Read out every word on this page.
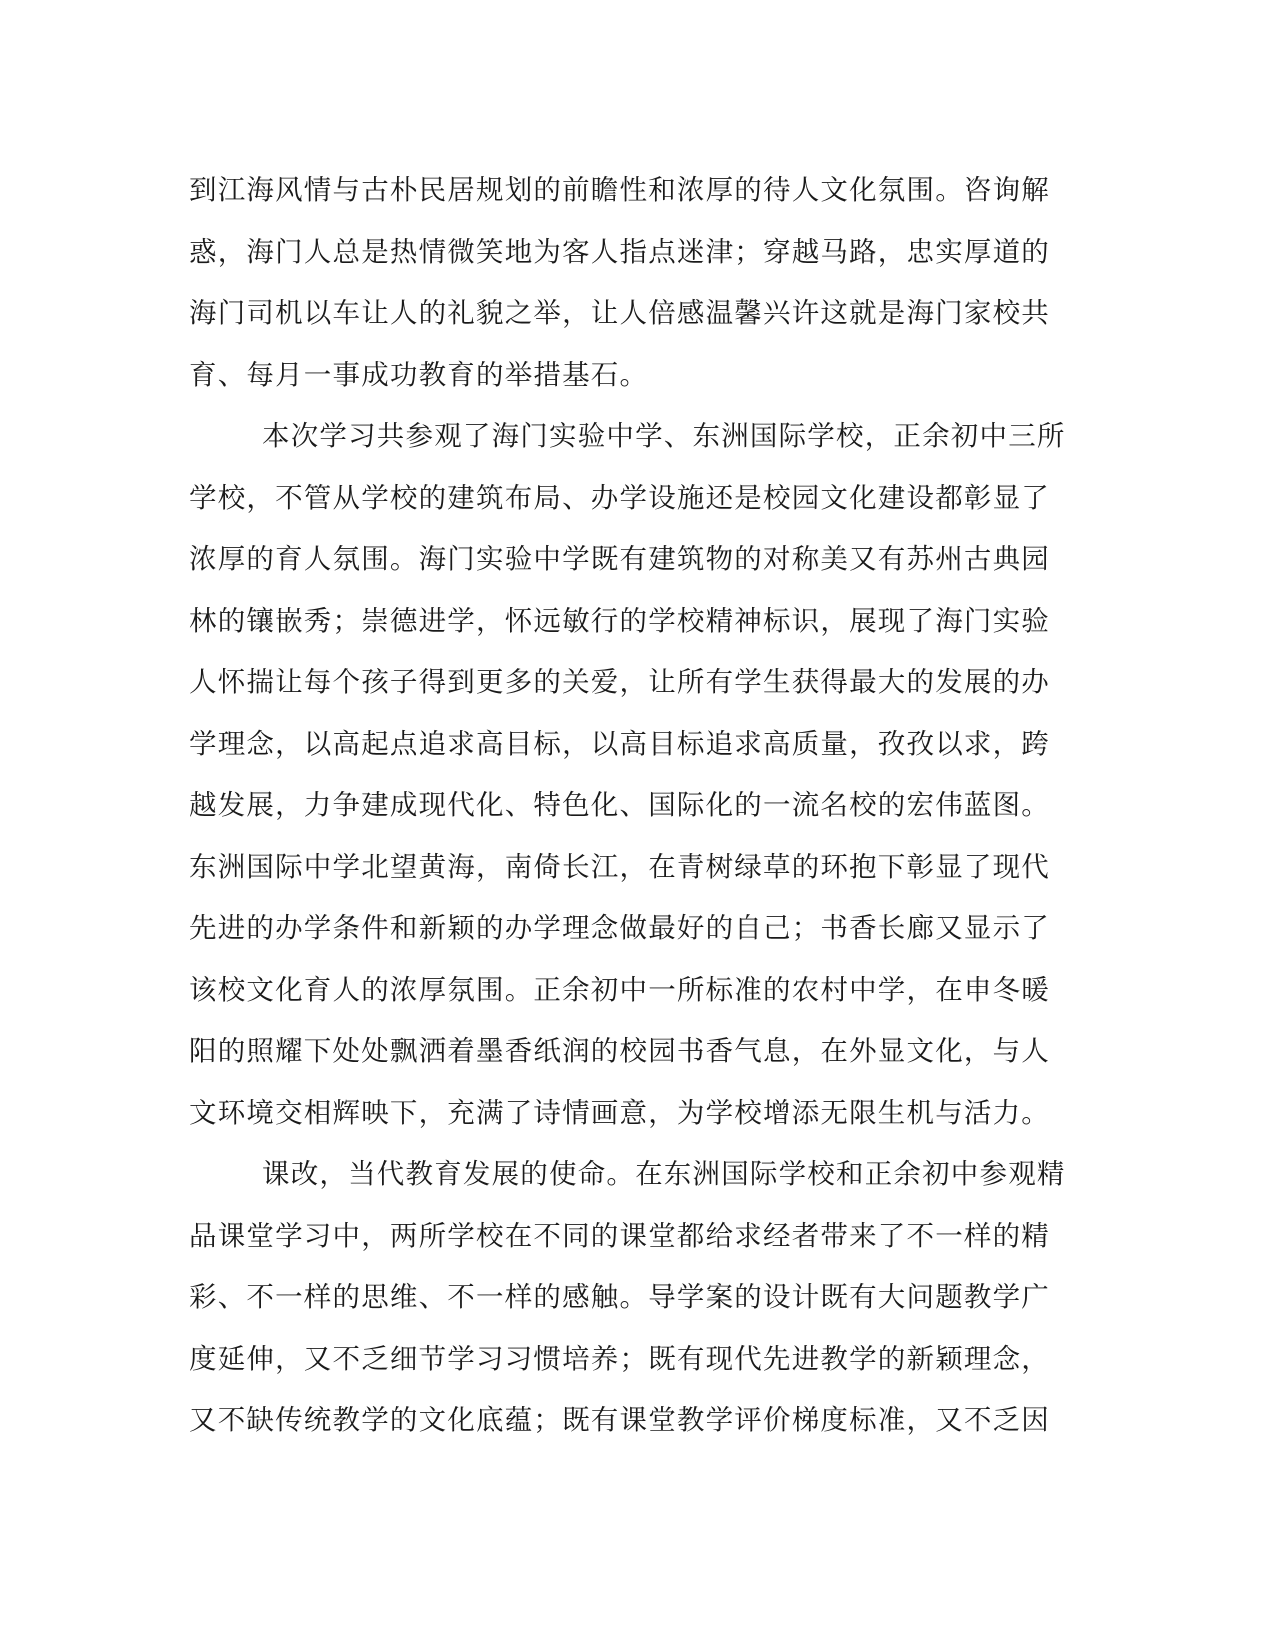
到江海风情与古朴民居规划的前瞻性和浓厚的待人文化氛围。咨询解
惑，海门人总是热情微笑地为客人指点迷津；穿越马路，忠实厚道的
海门司机以车让人的礼貌之举，让人倍感温馨兴许这就是海门家校共
育、每月一事成功教育的举措基石。
本次学习共参观了海门实验中学、东洲国际学校，正余初中三所
学校，不管从学校的建筑布局、办学设施还是校园文化建设都彰显了
浓厚的育人氛围。海门实验中学既有建筑物的对称美又有苏州古典园
林的镶嵌秀；崇德进学，怀远敏行的学校精神标识，展现了海门实验
人怀揣让每个孩子得到更多的关爱，让所有学生获得最大的发展的办
学理念，以高起点追求高目标，以高目标追求高质量，孜孜以求，跨
越发展，力争建成现代化、特色化、国际化的一流名校的宏伟蓝图。
东洲国际中学北望黄海，南倚长江，在青树绿草的环抱下彰显了现代
先进的办学条件和新颖的办学理念做最好的自己；书香长廊又显示了
该校文化育人的浓厚氛围。正余初中一所标准的农村中学，在申冬暖
阳的照耀下处处飘洒着墨香纸润的校园书香气息，在外显文化，与人
文环境交相辉映下，充满了诗情画意，为学校增添无限生机与活力。
课改，当代教育发展的使命。在东洲国际学校和正余初中参观精
品课堂学习中，两所学校在不同的课堂都给求经者带来了不一样的精
彩、不一样的思维、不一样的感触。导学案的设计既有大问题教学广
度延伸，又不乏细节学习习惯培养；既有现代先进教学的新颖理念，
又不缺传统教学的文化底蕴；既有课堂教学评价梯度标准，又不乏因
